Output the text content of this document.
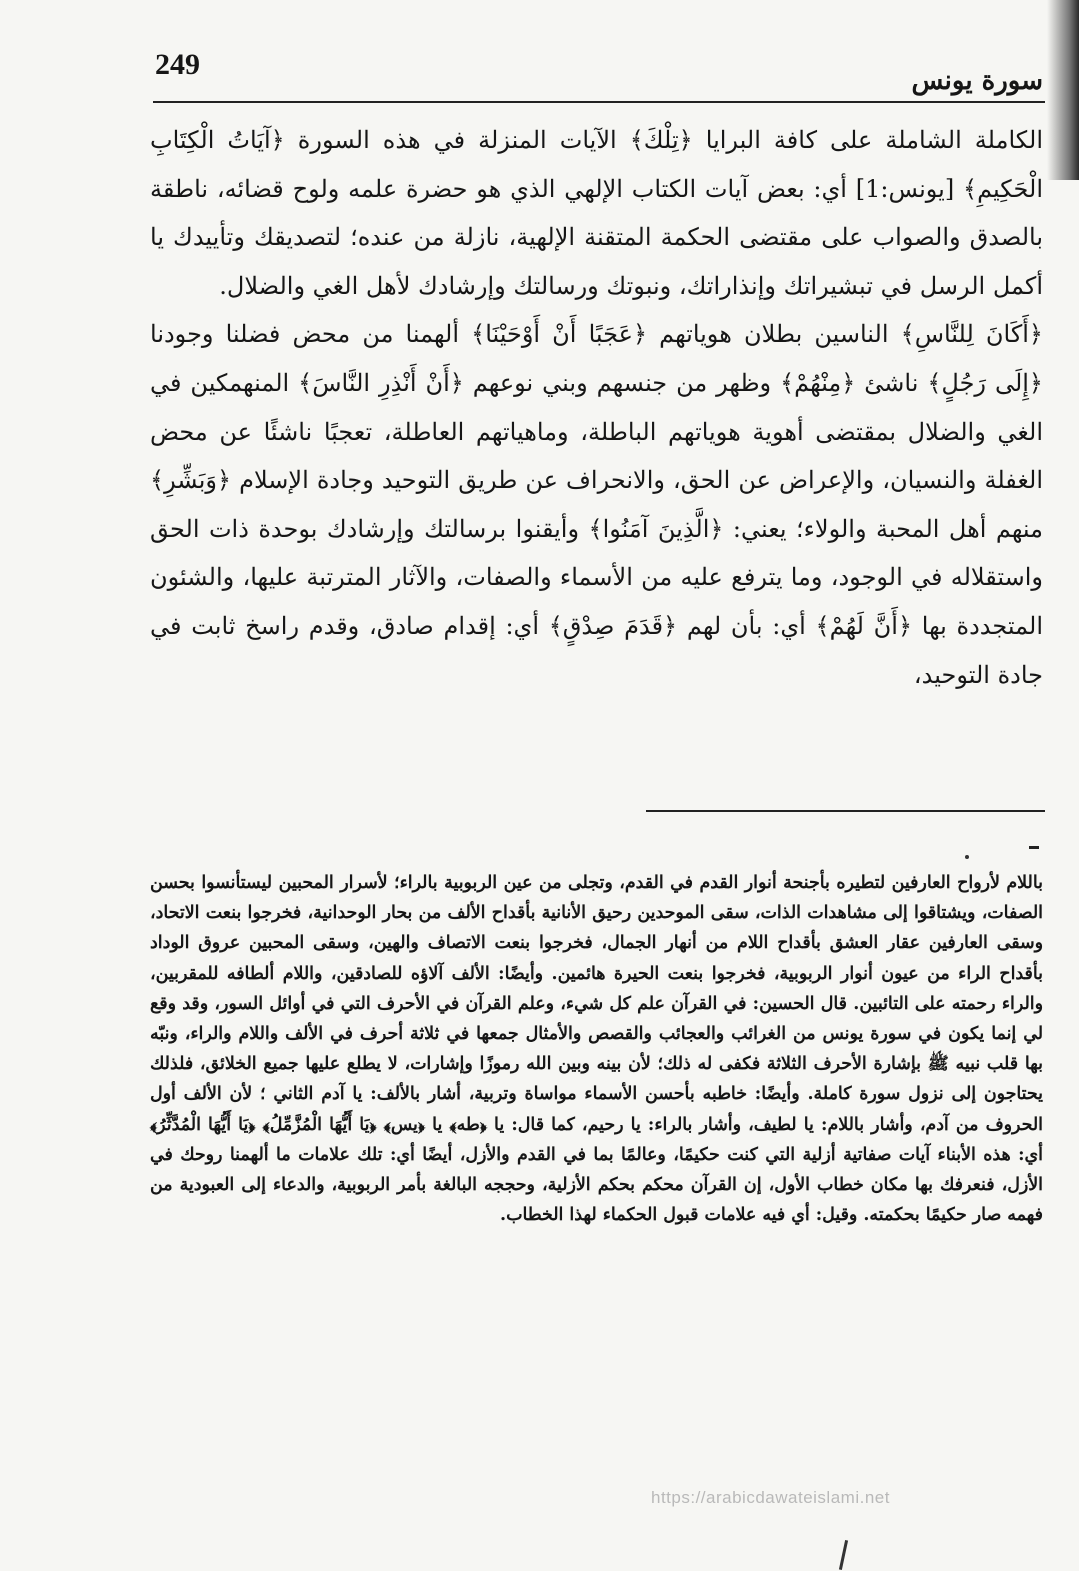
249	سورة يونس

الكاملة الشاملة على كافة البرايا ﴿تِلْكَ﴾ الآيات المنزلة في هذه السورة ﴿آيَاتُ الْكِتَابِ الْحَكِيمِ﴾ [يونس:1] أي: بعض آيات الكتاب الإلهي الذي هو حضرة علمه ولوح قضائه، ناطقة بالصدق والصواب على مقتضى الحكمة المتقنة الإلهية، نازلة من عنده؛ لتصديقك وتأييدك يا أكمل الرسل في تبشيراتك وإنذاراتك، ونبوتك ورسالتك وإرشادك لأهل الغي والضلال.

﴿أَكَانَ لِلنَّاسِ﴾ الناسين بطلان هوياتهم ﴿عَجَبًا أَنْ أَوْحَيْنَا﴾ ألهمنا من محض فضلنا وجودنا ﴿إِلَى رَجُلٍ﴾ ناشئ ﴿مِنْهُمْ﴾ وظهر من جنسهم وبني نوعهم ﴿أَنْ أَنْذِرِ النَّاسَ﴾ المنهمكين في الغي والضلال بمقتضى أهوية هوياتهم الباطلة، وماهياتهم العاطلة، تعجبًا ناشئًا عن محض الغفلة والنسيان، والإعراض عن الحق، والانحراف عن طريق التوحيد وجادة الإسلام ﴿وَبَشِّرِ﴾ منهم أهل المحبة والولاء؛ يعني: ﴿الَّذِينَ آمَنُوا﴾ وأيقنوا برسالتك وإرشادك بوحدة ذات الحق واستقلاله في الوجود، وما يترفع عليه من الأسماء والصفات، والآثار المترتبة عليها، والشئون المتجددة بها ﴿أَنَّ لَهُمْ﴾ أي: بأن لهم ﴿قَدَمَ صِدْقٍ﴾ أي: إقدام صادق، وقدم راسخ ثابت في جادة التوحيد،

باللام لأرواح العارفين لتطيره بأجنحة أنوار القدم في القدم، وتجلى من عين الربوبية بالراء؛ لأسرار المحبين ليستأنسوا بحسن الصفات، ويشتاقوا إلى مشاهدات الذات، سقى الموحدين رحيق الأنانية بأقداح الألف من بحار الوحدانية، فخرجوا بنعت الاتحاد، وسقى العارفين عقار العشق بأقداح اللام من أنهار الجمال، فخرجوا بنعت الاتصاف والهين، وسقى المحبين عروق الوداد بأقداح الراء من عيون أنوار الربوبية، فخرجوا بنعت الحيرة هائمين. وأيضًا: الألف آلاؤه للصادقين، واللام ألطافه للمقربين، والراء رحمته على التائبين. قال الحسين: في القرآن علم كل شيء، وعلم القرآن في الأحرف التي في أوائل السور، وقد وقع لي إنما يكون في سورة يونس من الغرائب والعجائب والقصص والأمثال جمعها في ثلاثة أحرف في الألف واللام والراء، ونبّه بها قلب نبيه ﷺ بإشارة الأحرف الثلاثة فكفى له ذلك؛ لأن بينه وبين الله رموزًا وإشارات، لا يطلع عليها جميع الخلائق، فلذلك يحتاجون إلى نزول سورة كاملة. وأيضًا: خاطبه بأحسن الأسماء مواساة وتربية، أشار بالألف: يا آدم الثاني ؛ لأن الألف أول الحروف من آدم، وأشار باللام: يا لطيف، وأشار بالراء: يا رحيم، كما قال: يا ﴿طه﴾ يا ﴿يس﴾ ﴿يَا أَيُّهَا الْمُزَّمِّلُ﴾ ﴿يَا أَيُّهَا الْمُدَّثِّرُ﴾ أي: هذه الأبناء آيات صفاتية أزلية التي كنت حكيمًا، وعالمًا بما في القدم والأزل، أيضًا أي: تلك علامات ما ألهمنا روحك في الأزل، فنعرفك بها مكان خطاب الأول، إن القرآن محكم بحكم الأزلية، وحججه البالغة بأمر الربوبية، والدعاء إلى العبودية من فهمه صار حكيمًا بحكمته. وقيل: أي فيه علامات قبول الحكماء لهذا الخطاب.

https://arabicdawateislami.net
